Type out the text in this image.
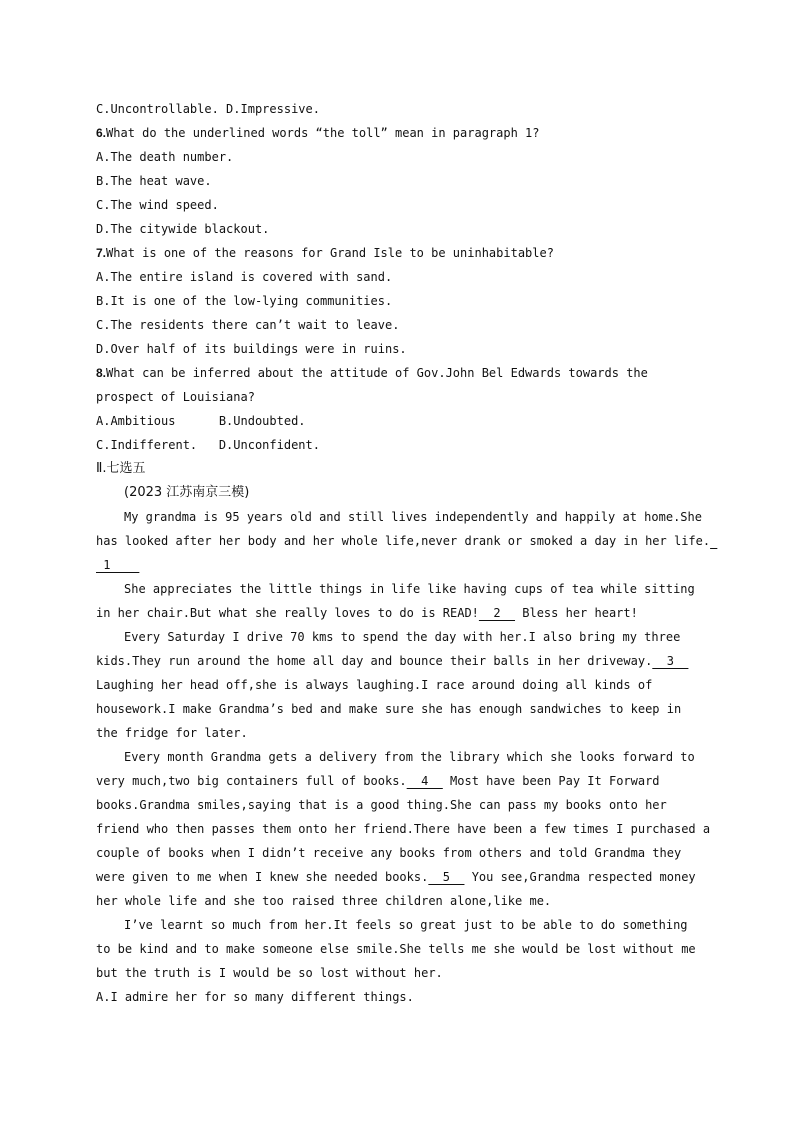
C.Uncontrollable. D.Impressive.
6.What do the underlined words “the toll” mean in paragraph 1?
A.The death number.
B.The heat wave.
C.The wind speed.
D.The citywide blackout.
7.What is one of the reasons for Grand Isle to be uninhabitable?
A.The entire island is covered with sand.
B.It is one of the low-lying communities.
C.The residents there can’t wait to leave.
D.Over half of its buildings were in ruins.
8.What can be inferred about the attitude of Gov.John Bel Edwards towards the
prospect of Louisiana?
A.Ambitious      B.Undoubted.
C.Indifferent.   D.Unconfident.
Ⅱ.七选五
(2023 江苏南京三模)
My grandma is 95 years old and still lives independently and happily at home.She
has looked after her body and her whole life,never drank or smoked a day in her life.
1
She appreciates the little things in life like having cups of tea while sitting
in her chair.But what she really loves to do is READ!  2   Bless her heart!
Every Saturday I drive 70 kms to spend the day with her.I also bring my three
kids.They run around the home all day and bounce their balls in her driveway.  3
Laughing her head off,she is always laughing.I race around doing all kinds of
housework.I make Grandma’s bed and make sure she has enough sandwiches to keep in
the fridge for later.
Every month Grandma gets a delivery from the library which she looks forward to
very much,two big containers full of books.  4   Most have been Pay It Forward
books.Grandma smiles,saying that is a good thing.She can pass my books onto her
friend who then passes them onto her friend.There have been a few times I purchased a
couple of books when I didn’t receive any books from others and told Grandma they
were given to me when I knew she needed books.  5   You see,Grandma respected money
her whole life and she too raised three children alone,like me.
I’ve learnt so much from her.It feels so great just to be able to do something
to be kind and to make someone else smile.She tells me she would be lost without me
but the truth is I would be so lost without her.
A.I admire her for so many different things.
